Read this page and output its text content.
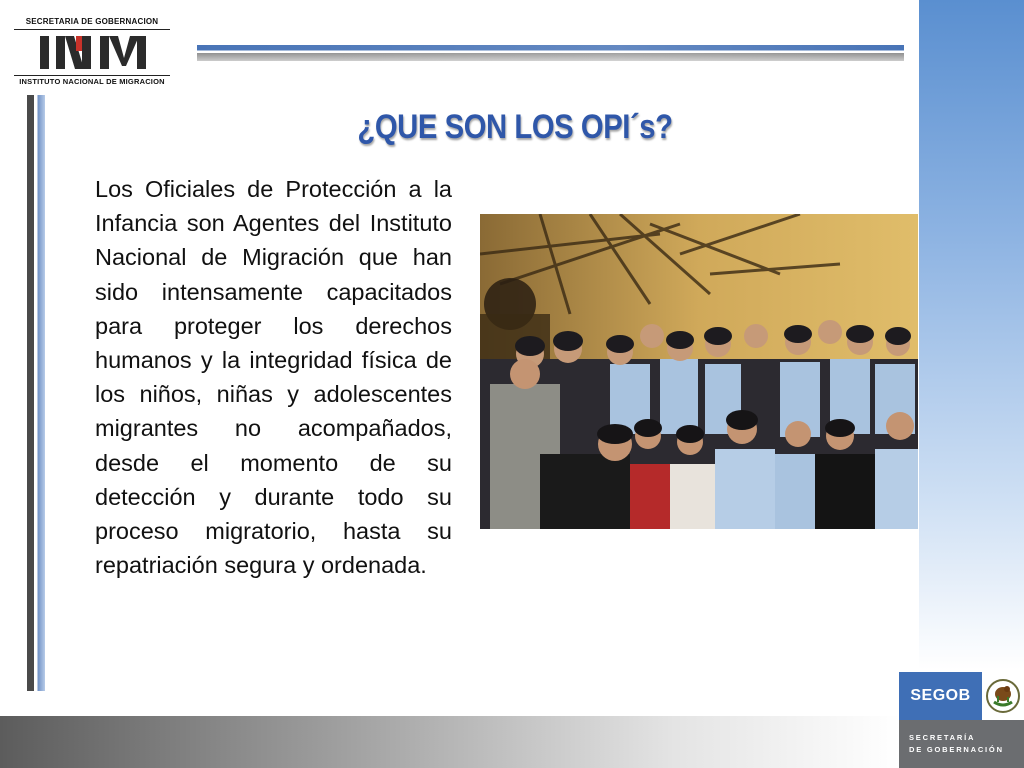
SECRETARIA DE GOBERNACION
INSTITUTO NACIONAL DE MIGRACION
¿QUE SON LOS OPI´s?
Los Oficiales de Protección a la Infancia son Agentes del Instituto Nacional de Migración que han sido intensamente capacitados para proteger los derechos humanos y la integridad física de los niños, niñas y adolescentes migrantes no acompañados, desde el momento de su detección y durante todo su proceso migratorio, hasta su repatriación segura y ordenada.
SEGOB
SECRETARÍA
DE GOBERNACIÓN
